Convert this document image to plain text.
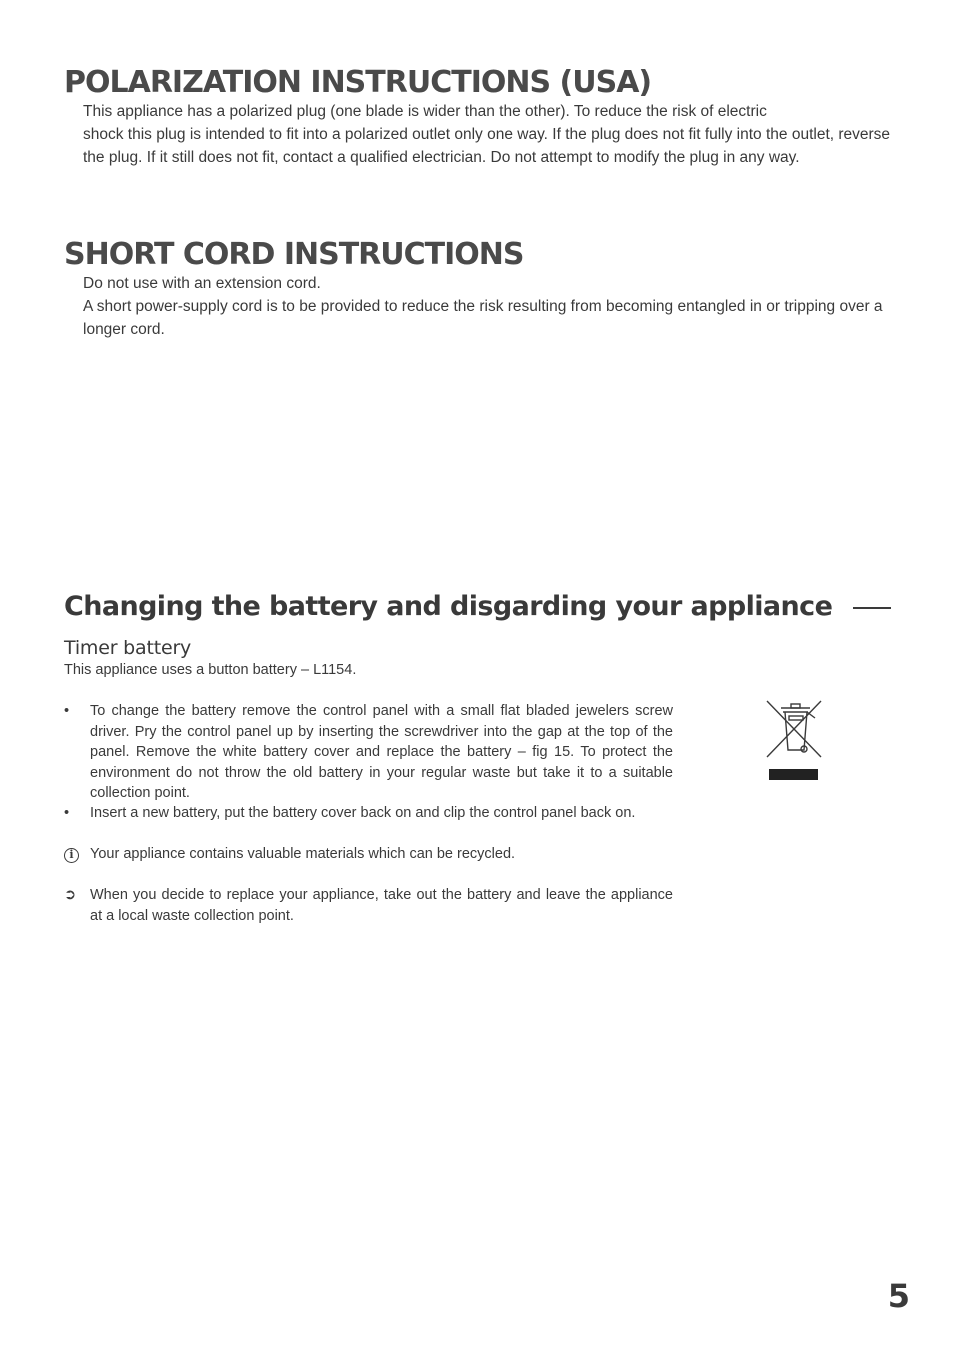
POLARIZATION INSTRUCTIONS (USA)
This appliance has a polarized plug (one blade is wider than the other). To reduce the risk of electric
shock this plug is intended to fit into a polarized outlet only one way. If the plug does not fit fully into the outlet, reverse the plug. If it still does not fit, contact a qualified electrician. Do not attempt to modify the plug in any way.
SHORT CORD INSTRUCTIONS
Do not use with an extension cord.
A short power-supply cord is to be provided to reduce the risk resulting from becoming entangled in or tripping over a longer cord.
Changing the battery and disgarding your appliance
Timer battery

This appliance uses a button battery – L1154.

•	To change the battery remove the control panel with a small flat bladed jewelers screw driver. Pry the control panel up by inserting the screwdriver into the gap at the top of the panel. Remove the white battery cover and replace the battery – fig 15. To protect the environment do not throw the old battery in your regular waste but take it to a suitable collection point.
•	Insert a new battery, put the battery cover back on and clip the control panel back on.
i	Your appliance contains valuable materials which can be recycled.
➲ When you decide to replace your appliance, take out the battery and leave the appliance at a local waste collection point.
5
